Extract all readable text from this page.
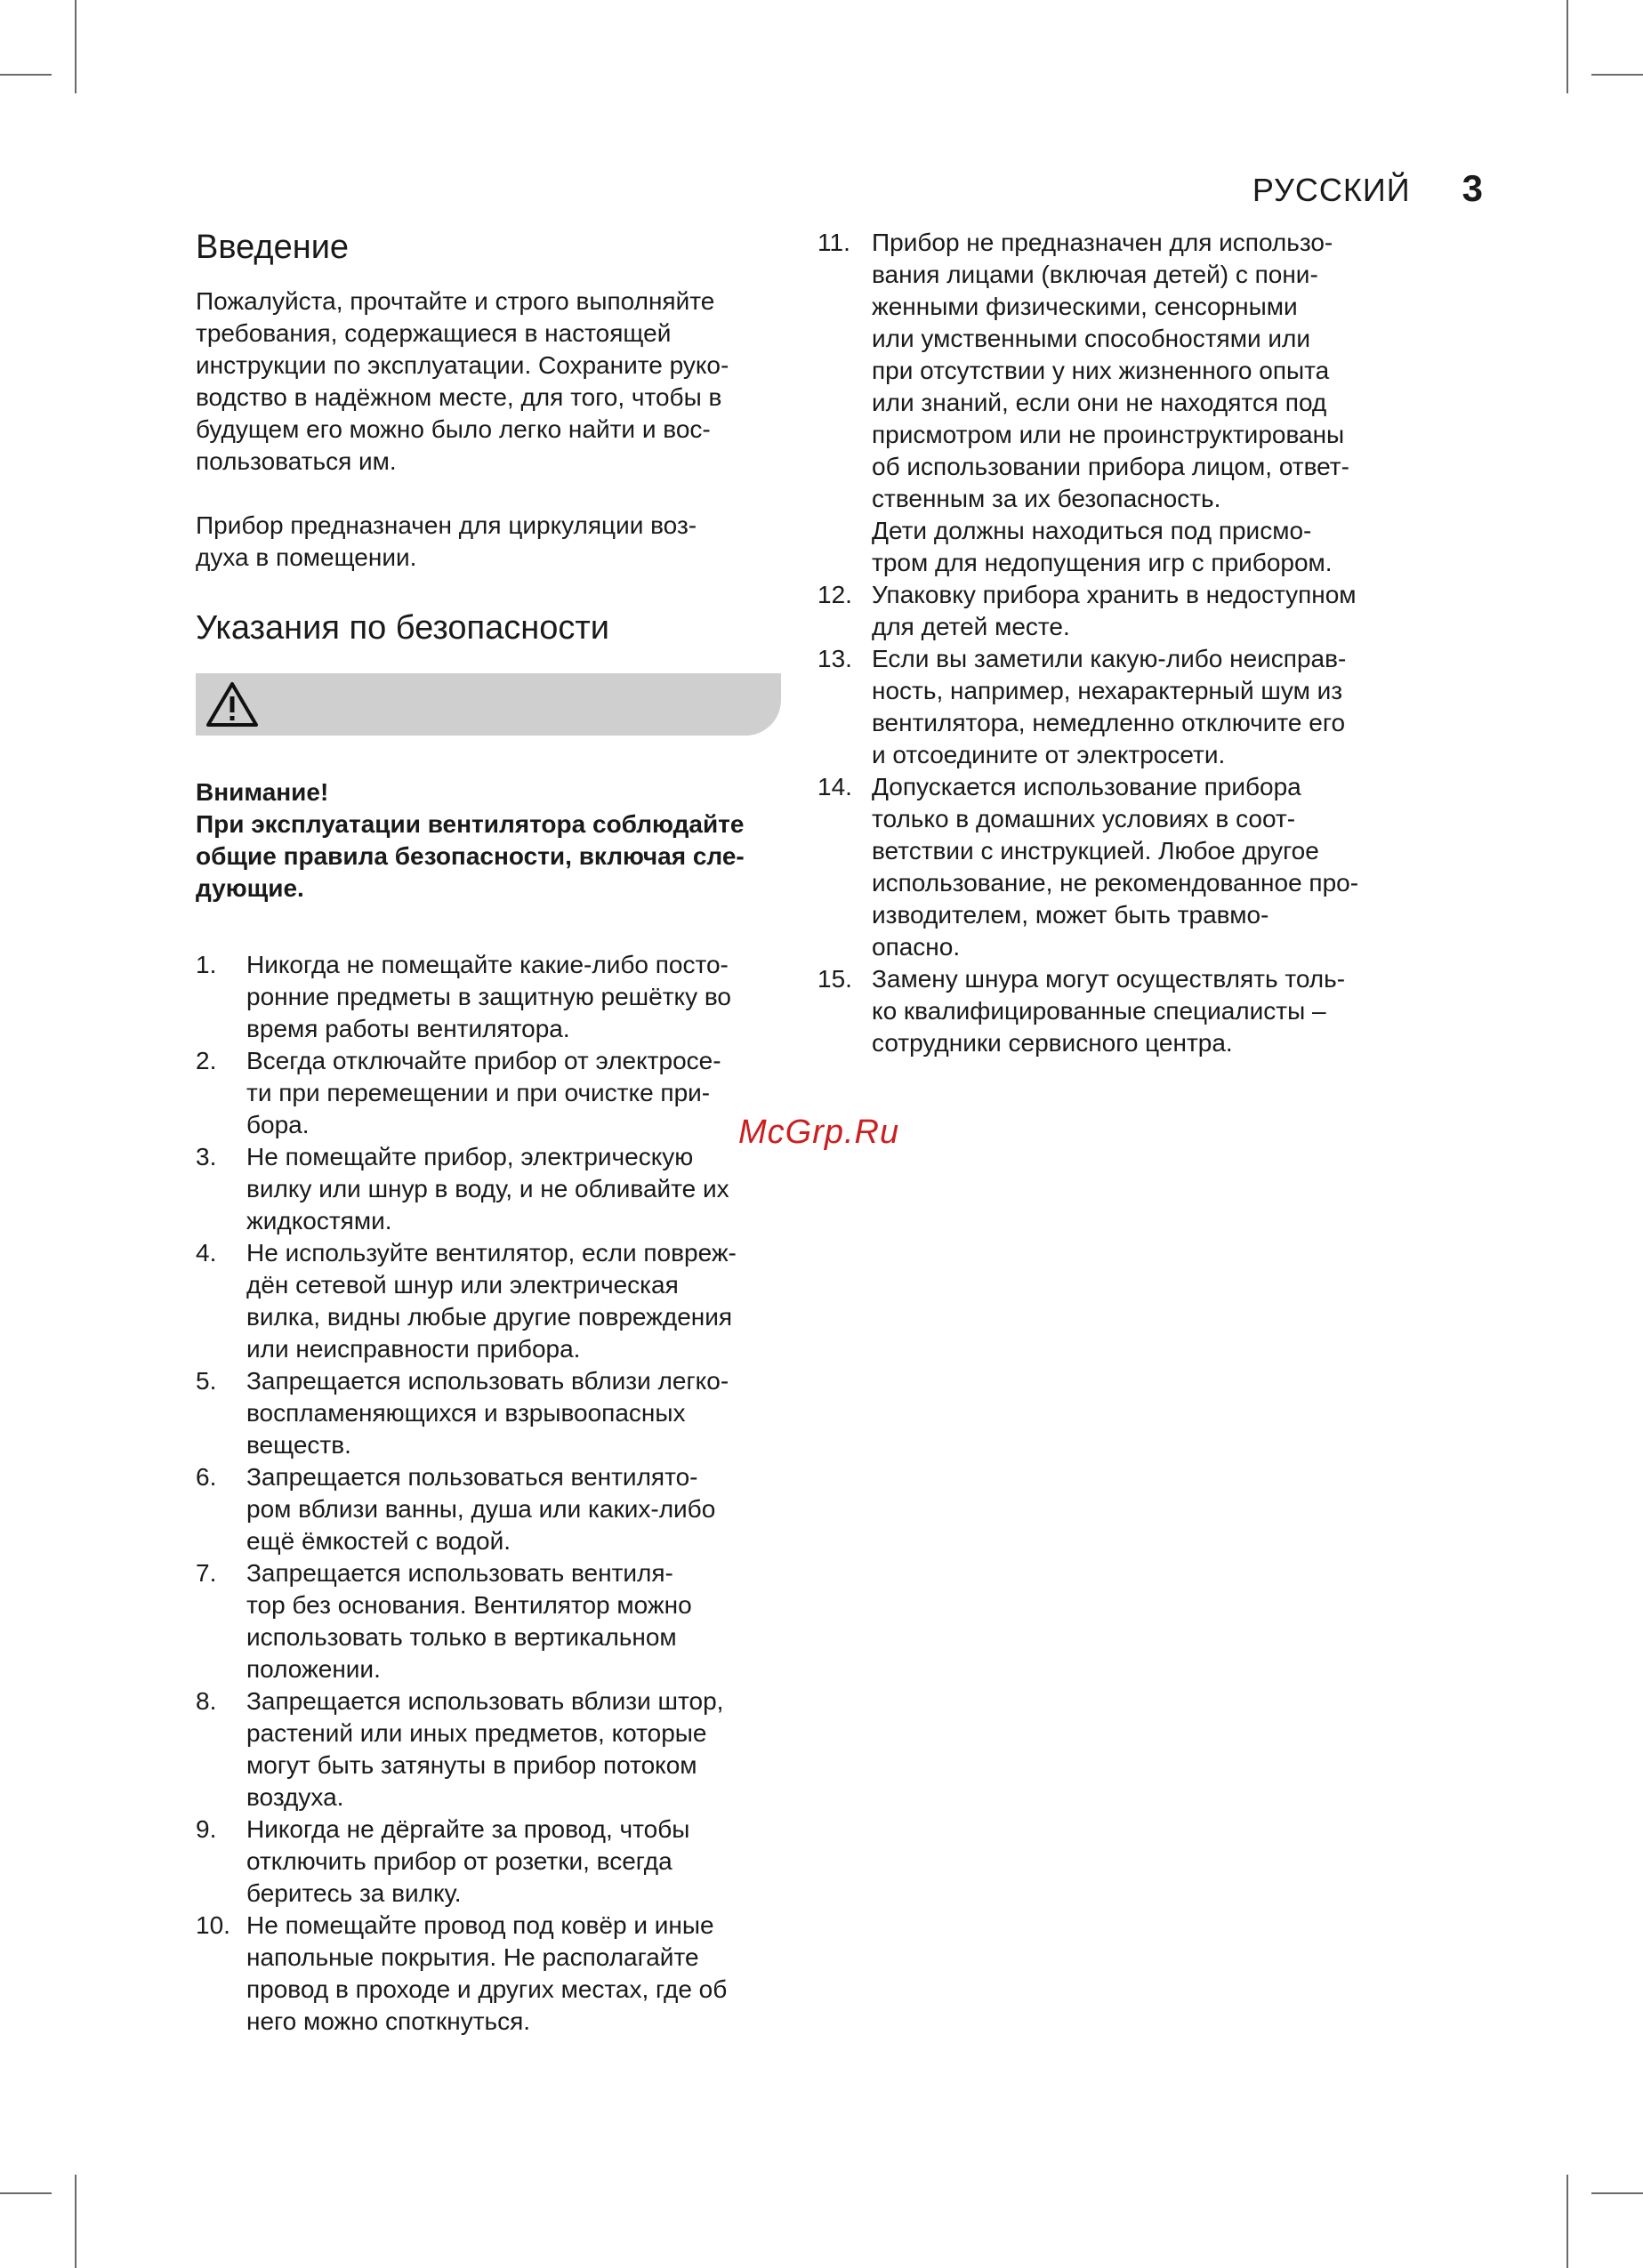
РУССКИЙ 3
Введение

Пожалуйста, прочтайте и строго выполняйте
требования, содержащиеся в настоящей
инструкции по эксплуатации. Сохраните руко-
водство в надёжном месте, для того, чтобы в
будущем его можно было легко найти и вос-
пользоваться им.

Прибор предназначен для циркуляции воз-
духа в помещении.

Указания по безопасности

Внимание!

При эксплуатации вентилятора соблюдайте
общие правила безопасности, включая сле-
дующие.

1. Никогда не помещайте какие-либо посто-
ронние предметы в защитную решётку во
время работы вентилятора.
2. Всегда отключайте прибор от электросе-
ти при перемещении и при очистке при-
бора.
3. Не помещайте прибор, электрическую
вилку или шнур в воду, и не обливайте их
жидкостями.
4. Не используйте вентилятор, если повреж-
дён сетевой шнур или электрическая
вилка, видны любые другие повреждения
или неисправности прибора.
5. Запрещается использовать вблизи легко-
воспламеняющихся и взрывоопасных
веществ.
6. Запрещается пользоваться вентилято-
ром вблизи ванны, душа или каких-либо
ещё ёмкостей с водой.
7. Запрещается использовать вентиля-
тор без основания. Вентилятор можно
использовать только в вертикальном
положении.
8. Запрещается использовать вблизи штор,
растений или иных предметов, которые
могут быть затянуты в прибор потоком
воздуха.
9. Никогда не дёргайте за провод, чтобы
отключить прибор от розетки, всегда
беритесь за вилку.
10. Не помещайте провод под ковёр и иные
напольные покрытия. Не располагайте
провод в проходе и других местах, где об
него можно споткнуться.
11. Прибор не предназначен для использо-
вания лицами (включая детей) с пони-
женными физическими, сенсорными
или умственными способностями или
при отсутствии у них жизненного опыта
или знаний, если они не находятся под
присмотром или не проинструктированы
об использовании прибора лицом, ответ-
ственным за их безопасность.
Дети должны находиться под присмо-
тром для недопущения игр с прибором.
12. Упаковку прибора хранить в недоступном
для детей месте.
13. Если вы заметили какую-либо неисправ-
ность, например, нехарактерный шум из
вентилятора, немедленно отключите его
и отсоедините от электросети.
14. Допускается использование прибора
только в домашних условиях в соот-
ветствии с инструкцией. Любое другое
использование, не рекомендованное про-
изводителем, может быть травмо-
опасно.
15. Замену шнура могут осуществлять толь-
ко квалифицированные специалисты –
сотрудники сервисного центра.
McGrp.Ru
